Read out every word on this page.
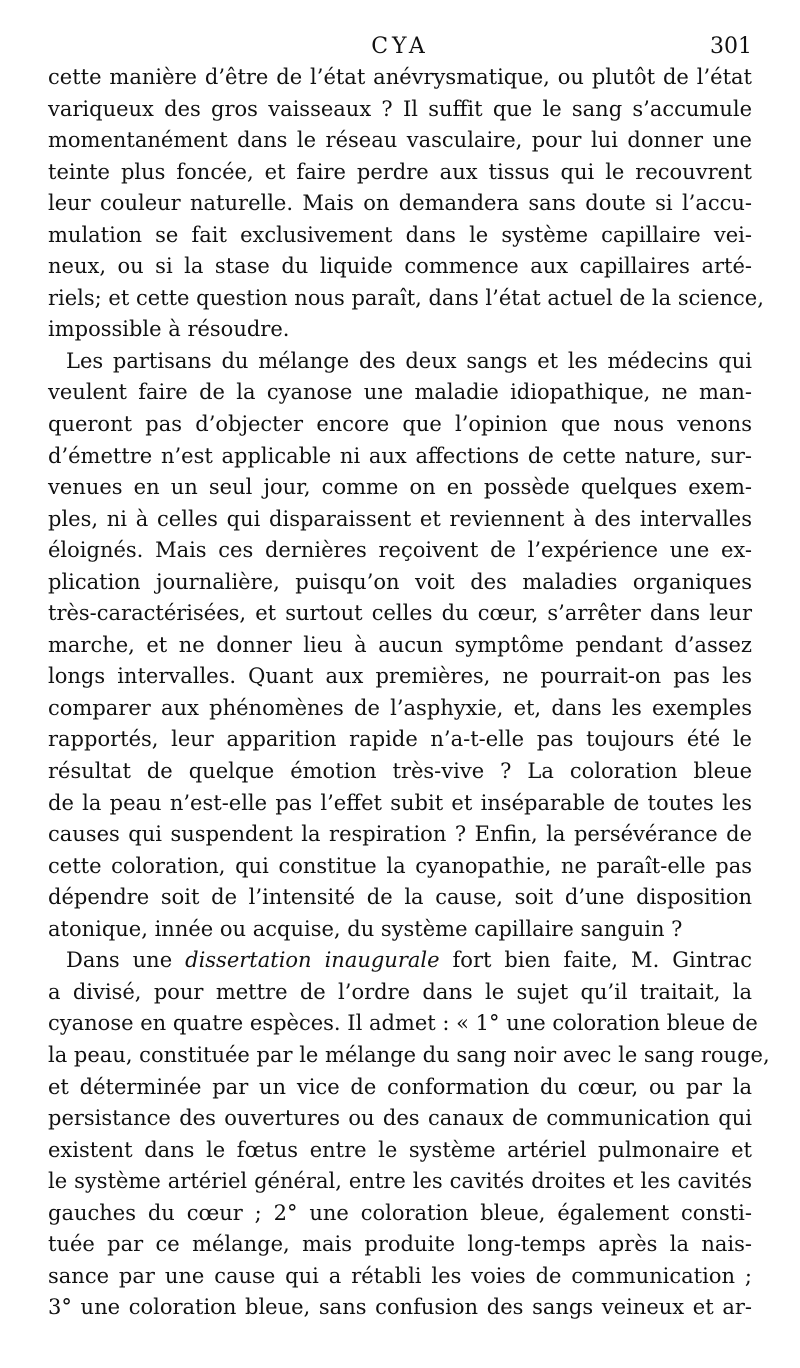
CYA	301
cette manière d’être de l’état anévrysmatique, ou plutôt de l’état
variqueux des gros vaisseaux ? Il suffit que le sang s’accumule
momentanément dans le réseau vasculaire, pour lui donner une
teinte plus foncée, et faire perdre aux tissus qui le recouvrent
leur couleur naturelle. Mais on demandera sans doute si l’accu-
mulation se fait exclusivement dans le système capillaire vei-
neux, ou si la stase du liquide commence aux capillaires arté-
riels; et cette question nous paraît, dans l’état actuel de la science,
impossible à résoudre.
Les partisans du mélange des deux sangs et les médecins qui
veulent faire de la cyanose une maladie idiopathique, ne man-
queront pas d’objecter encore que l’opinion que nous venons
d’émettre n’est applicable ni aux affections de cette nature, sur-
venues en un seul jour, comme on en possède quelques exem-
ples, ni à celles qui disparaissent et reviennent à des intervalles
éloignés. Mais ces dernières reçoivent de l’expérience une ex-
plication journalière, puisqu’on voit des maladies organiques
très-caractérisées, et surtout celles du cœur, s’arrêter dans leur
marche, et ne donner lieu à aucun symptôme pendant d’assez
longs intervalles. Quant aux premières, ne pourrait-on pas les
comparer aux phénomènes de l’asphyxie, et, dans les exemples
rapportés, leur apparition rapide n’a-t-elle pas toujours été le
résultat de quelque émotion très-vive ? La coloration bleue
de la peau n’est-elle pas l’effet subit et inséparable de toutes les
causes qui suspendent la respiration ? Enfin, la persévérance de
cette coloration, qui constitue la cyanopathie, ne paraît-elle pas
dépendre soit de l’intensité de la cause, soit d’une disposition
atonique, innée ou acquise, du système capillaire sanguin ?
Dans une dissertation inaugurale fort bien faite, M. Gintrac
a divisé, pour mettre de l’ordre dans le sujet qu’il traitait, la
cyanose en quatre espèces. Il admet : « 1° une coloration bleue de
la peau, constituée par le mélange du sang noir avec le sang rouge,
et déterminée par un vice de conformation du cœur, ou par la
persistance des ouvertures ou des canaux de communication qui
existent dans le fœtus entre le système artériel pulmonaire et
le système artériel général, entre les cavités droites et les cavités
gauches du cœur ; 2° une coloration bleue, également consti-
tuée par ce mélange, mais produite long-temps après la nais-
sance par une cause qui a rétabli les voies de communication ;
3° une coloration bleue, sans confusion des sangs veineux et ar-
